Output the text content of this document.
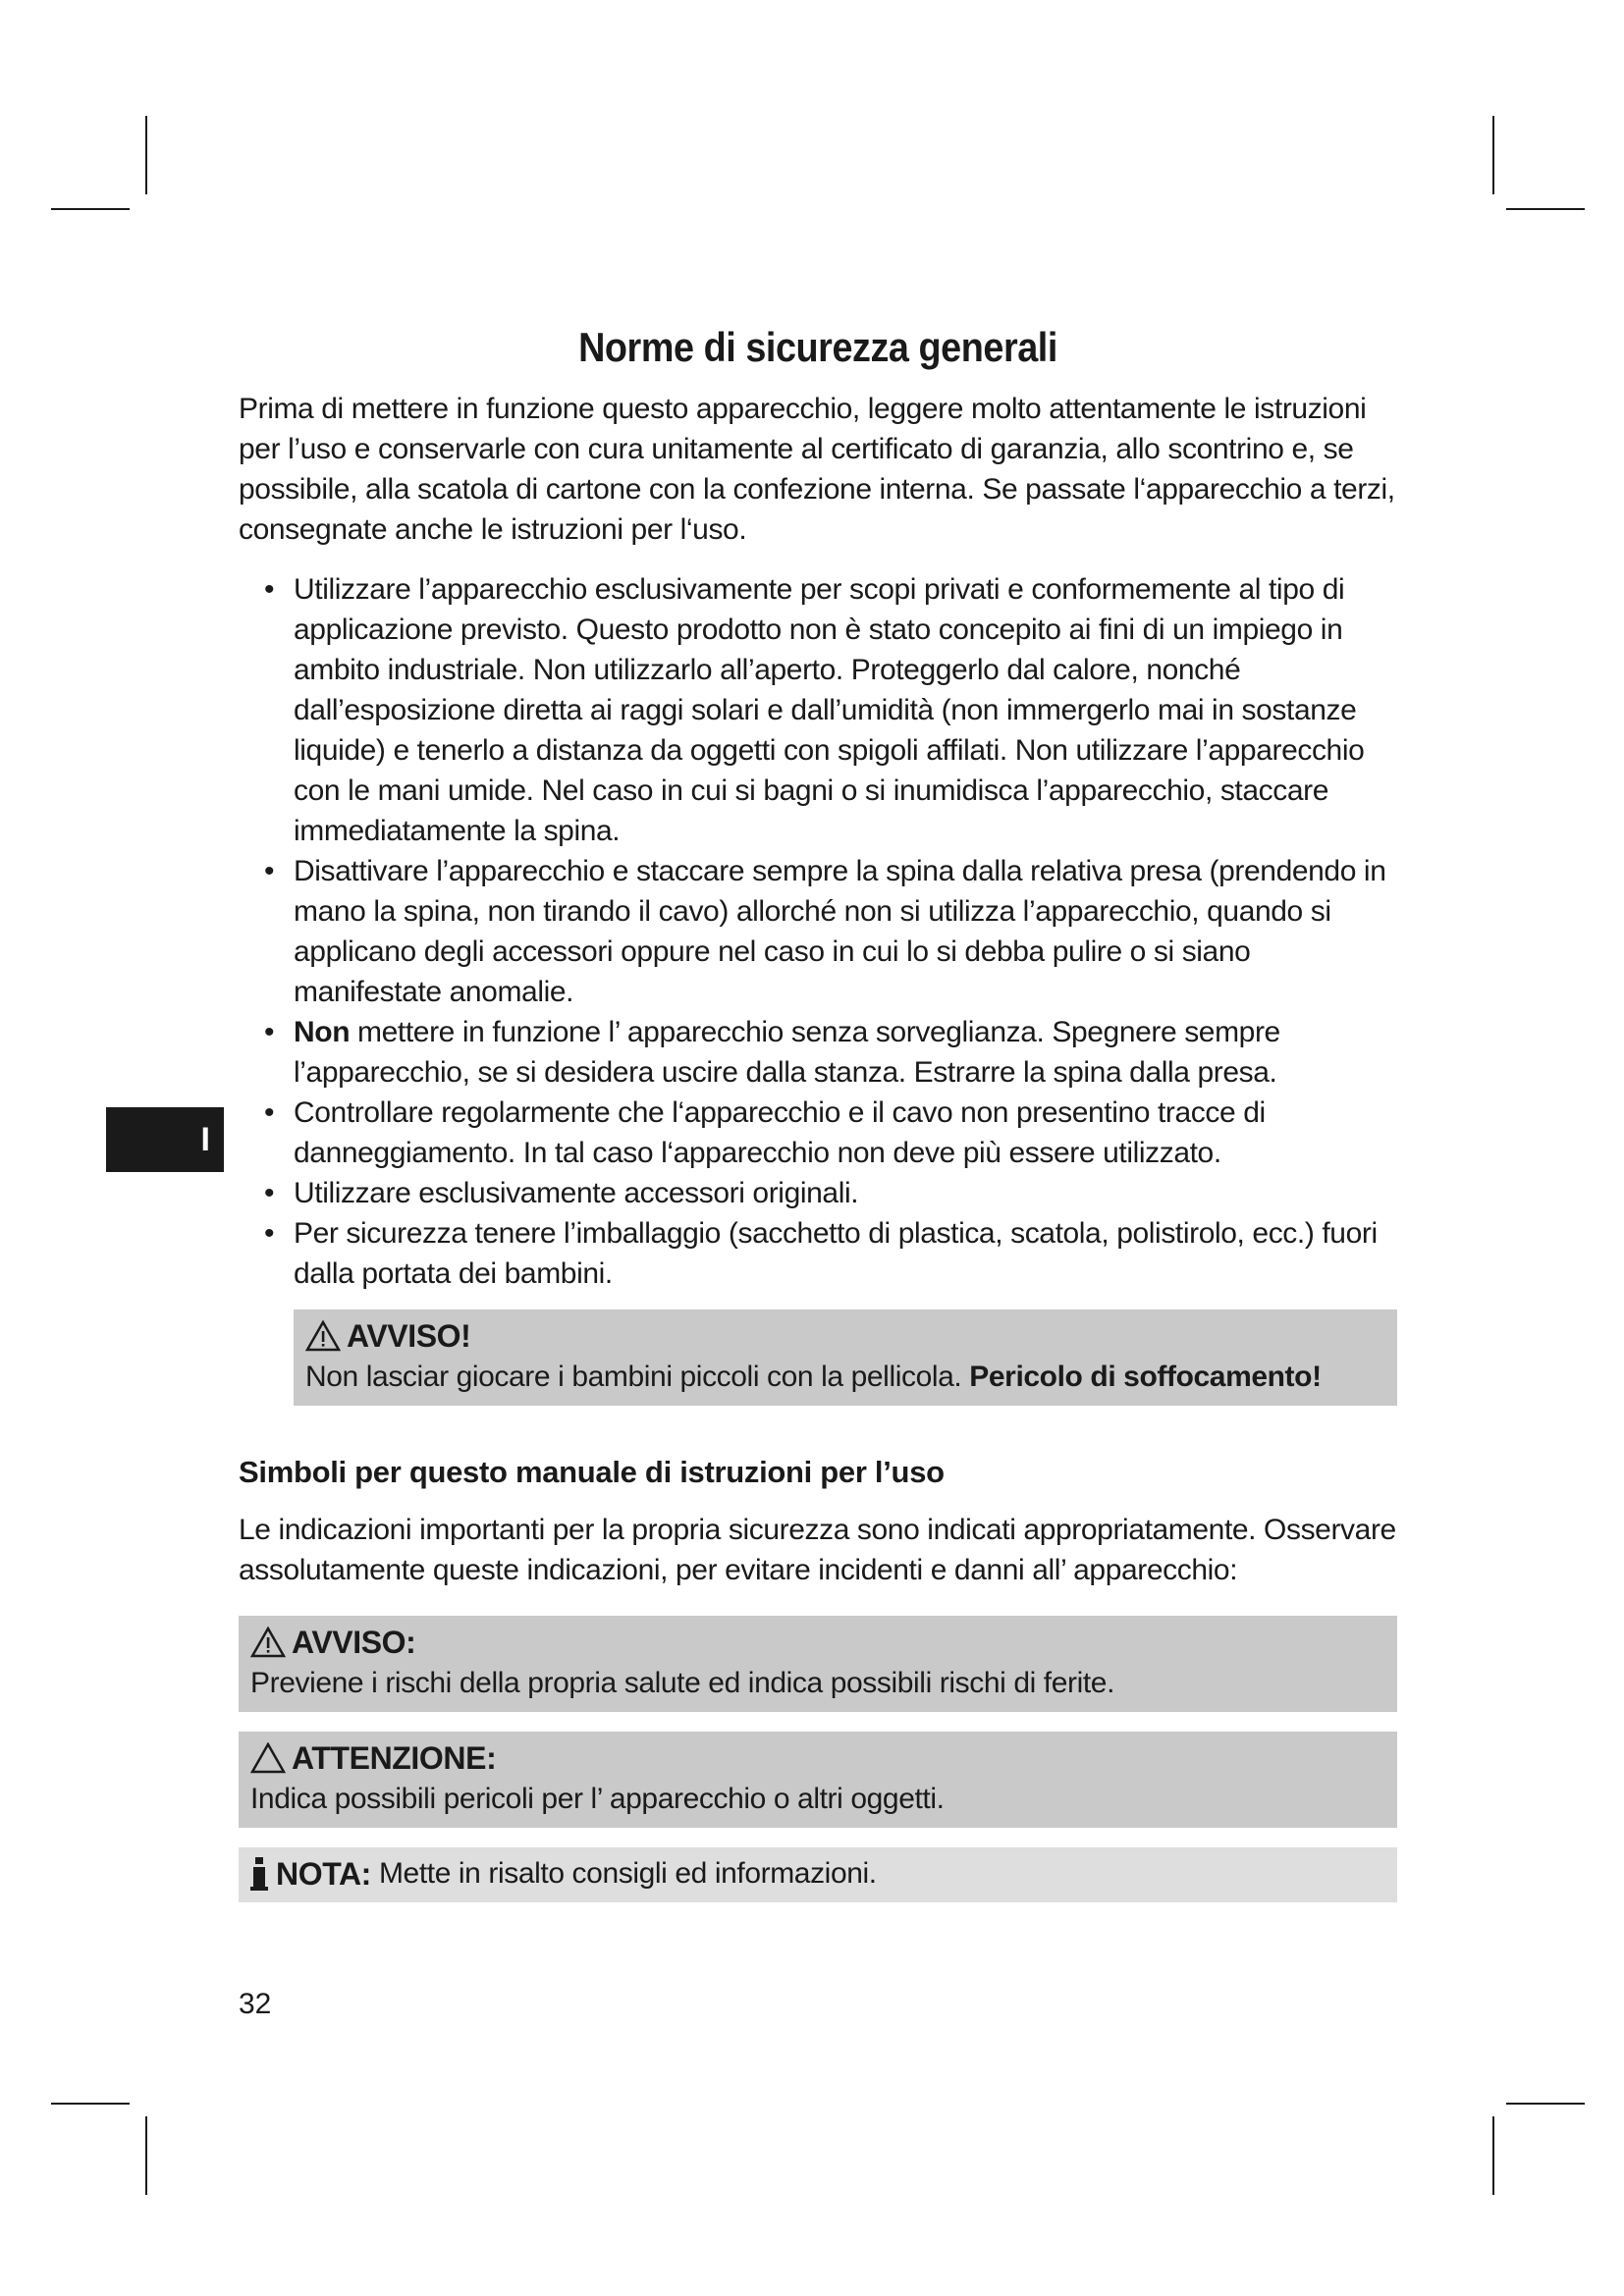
I
Norme di sicurezza generali

Prima di mettere in funzione questo apparecchio, leggere molto attentamente le istruzioni per l’uso e conservarle con cura unitamente al certificato di garanzia, allo scontrino e, se possibile, alla scatola di cartone con la confezione interna. Se passate l‘apparecchio a terzi, consegnate anche le istruzioni per l‘uso.

• Utilizzare l’apparecchio esclusivamente per scopi privati e conformemente al tipo di applicazione previsto. Questo prodotto non è stato concepito ai fini di un impiego in ambito industriale. Non utilizzarlo all’aperto. Proteggerlo dal calore, nonché dall’esposizione diretta ai raggi solari e dall’umidità (non immergerlo mai in sostanze liquide) e tenerlo a distanza da oggetti con spigoli affilati. Non utilizzare l’apparecchio con le mani umide. Nel caso in cui si bagni o si inumidisca l’apparecchio, staccare immediatamente la spina.
• Disattivare l’apparecchio e staccare sempre la spina dalla relativa presa (prendendo in mano la spina, non tirando il cavo) allorché non si utilizza l’apparecchio, quando si applicano degli accessori oppure nel caso in cui lo si debba pulire o si siano manifestate anomalie.
• Non mettere in funzione l’ apparecchio senza sorveglianza. Spegnere sempre l’apparecchio, se si desidera uscire dalla stanza. Estrarre la spina dalla presa.
• Controllare regolarmente che l‘apparecchio e il cavo non presentino tracce di danneggiamento. In tal caso l‘apparecchio non deve più essere utilizzato.
• Utilizzare esclusivamente accessori originali.
• Per sicurezza tenere l’imballaggio (sacchetto di plastica, scatola, polistirolo, ecc.) fuori dalla portata dei bambini.
AVVISO!
Non lasciar giocare i bambini piccoli con la pellicola. Pericolo di soffocamento!
Simboli per questo manuale di istruzioni per l’uso

Le indicazioni importanti per la propria sicurezza sono indicati appropriatamente. Osservare assolutamente queste indicazioni, per evitare incidenti e danni all’ apparecchio:

AVVISO:
Previene i rischi della propria salute ed indica possibili rischi di ferite.
ATTENZIONE:
Indica possibili pericoli per l’ apparecchio o altri oggetti.
NOTA: Mette in risalto consigli ed informazioni.
32
